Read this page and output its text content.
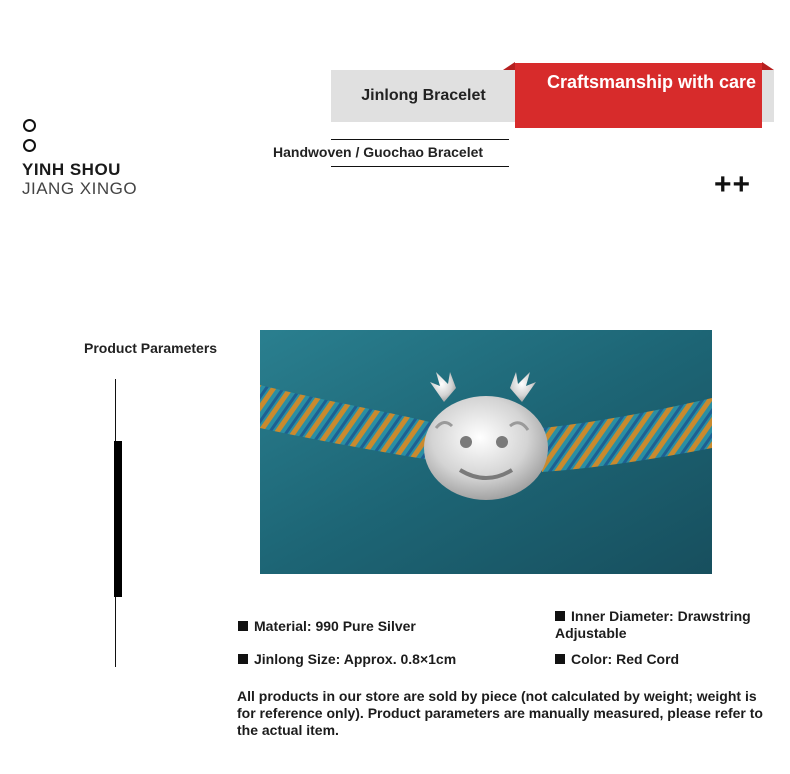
YINH SHOU
JIANG XINGO
Jinlong Bracelet
Craftsmanship with care
Handwoven / Guochao Bracelet
++
Product Parameters
Material: 990 Pure Silver
Inner Diameter: Drawstring Adjustable
Jinlong Size: Approx. 0.8×1cm	Color: Red Cord
All products in our store are sold by piece (not calculated by weight; weight is for reference only). Product parameters are manually measured, please refer to the actual item.
